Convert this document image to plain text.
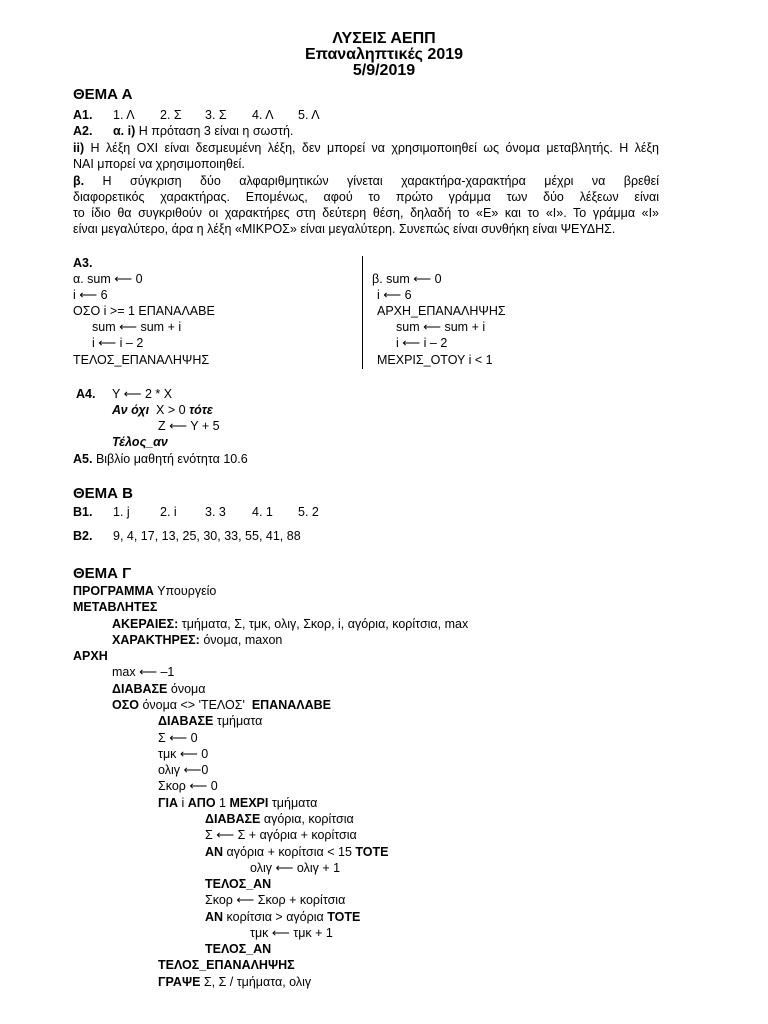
ΛΥΣΕΙΣ ΑΕΠΠ
Επαναληπτικές 2019
5/9/2019
ΘΕΜΑ Α
Α1. 1. Λ 2. Σ 3. Σ 4. Λ 5. Λ
Α2. α. i) Η πρόταση 3 είναι η σωστή.
ii) Η λέξη ΟΧΙ είναι δεσμευμένη λέξη, δεν μπορεί να χρησιμοποιηθεί ως όνομα μεταβλητής. Η λέξη
ΝΑΙ μπορεί να χρησιμοποιηθεί.
β. Η σύγκριση δύο αλφαριθμητικών γίνεται χαρακτήρα-χαρακτήρα μέχρι να βρεθεί
διαφορετικός χαρακτήρας. Επομένως, αφού το πρώτο γράμμα των δύο λέξεων είναι
το ίδιο θα συγκριθούν οι χαρακτήρες στη δεύτερη θέση, δηλαδή το «Ε» και το «Ι». Το γράμμα «Ι»
είναι μεγαλύτερο, άρα η λέξη «ΜΙΚΡΟΣ» είναι μεγαλύτερη. Συνεπώς είναι συνθήκη είναι ΨΕΥΔΗΣ.
Α3.
α. sum ⟵ 0
i ⟵ 6
ΟΣΟ i >= 1 ΕΠΑΝΑΛΑΒΕ
sum ⟵ sum + i
i ⟵ i – 2
ΤΕΛΟΣ_ΕΠΑΝΑΛΗΨΗΣ
β. sum ⟵ 0
i ⟵ 6
ΑΡΧΗ_ΕΠΑΝΑΛΗΨΗΣ
sum ⟵ sum + i
i ⟵ i – 2
ΜΕΧΡΙΣ_ΟΤΟΥ i < 1
Α4. Y ⟵ 2 * X
Αν όχι X > 0 τότε
Z ⟵ Y + 5
Τέλος_αν
Α5. Βιβλίο μαθητή ενότητα 10.6
ΘΕΜΑ Β
Β1. 1. j 2. i 3. 3 4. 1 5. 2
Β2. 9, 4, 17, 13, 25, 30, 33, 55, 41, 88
ΘΕΜΑ Γ
ΠΡΟΓΡΑΜΜΑ Υπουργείο
ΜΕΤΑΒΛΗΤΕΣ
ΑΚΕΡΑΙΕΣ: τμήματα, Σ, τμκ, ολιγ, Σκορ, i, αγόρια, κορίτσια, max
ΧΑΡΑΚΤΗΡΕΣ: όνομα, maxon
ΑΡΧΗ
max ⟵ –1
ΔΙΑΒΑΣΕ όνομα
ΟΣΟ όνομα <> 'ΤΕΛΟΣ' ΕΠΑΝΑΛΑΒΕ
ΔΙΑΒΑΣΕ τμήματα
Σ ⟵ 0
τμκ ⟵ 0
ολιγ ⟵0
Σκορ ⟵ 0
ΓΙΑ i ΑΠΟ 1 ΜΕΧΡΙ τμήματα
ΔΙΑΒΑΣΕ αγόρια, κορίτσια
Σ ⟵ Σ + αγόρια + κορίτσια
ΑΝ αγόρια + κορίτσια < 15 ΤΟΤΕ
ολιγ ⟵ ολιγ + 1
ΤΕΛΟΣ_ΑΝ
Σκορ ⟵ Σκορ + κορίτσια
ΑΝ κορίτσια > αγόρια ΤΟΤΕ
τμκ ⟵ τμκ + 1
ΤΕΛΟΣ_ΑΝ
ΤΕΛΟΣ_ΕΠΑΝΑΛΗΨΗΣ
ΓΡΑΨΕ Σ, Σ / τμήματα, ολιγ
